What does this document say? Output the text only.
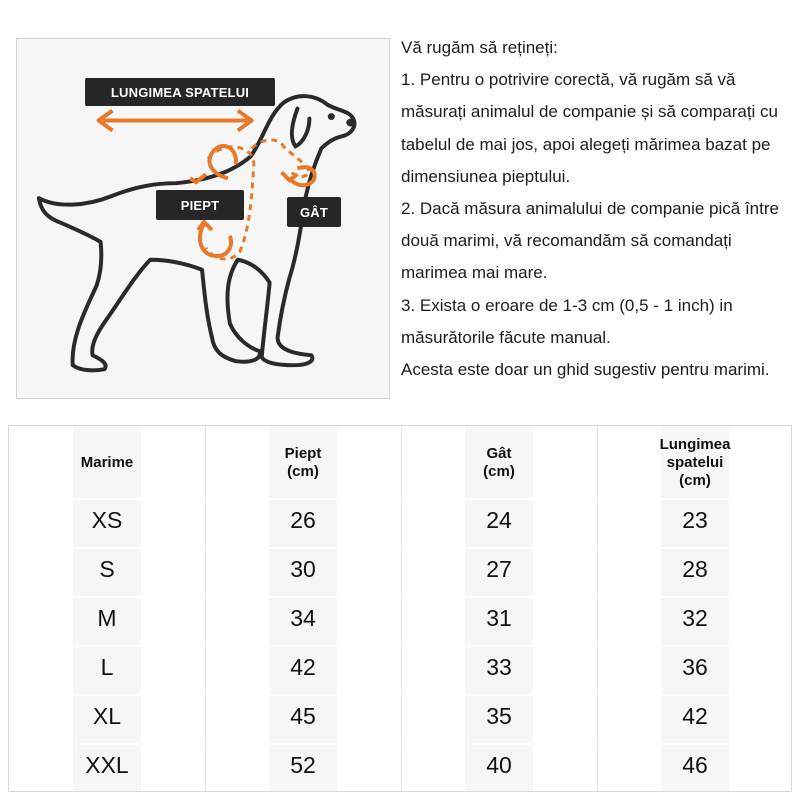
LUNGIMEA SPATELUI
PIEPT	GÂT
Vă rugăm să rețineți:
1. Pentru o potrivire corectă, vă rugăm să vă măsurați animalul de companie și să comparați cu tabelul de mai jos, apoi alegeți mărimea bazat pe dimensiunea pieptului.
2. Dacă măsura animalului de companie pică între două marimi, vă recomandăm să comandați marimea mai mare.
3. Exista o eroare de 1-3 cm (0,5 - 1 inch) in măsurătorile făcute manual.
Acesta este doar un ghid sugestiv pentru marimi.
Marime
XS
S
M
L
XL
XXL
Piept
(cm)
26
30
34
42
45
52
Gât
(cm)
24
27
31
33
35
40
Lungimea
spatelui
(cm)
23
28
32
36
42
46
